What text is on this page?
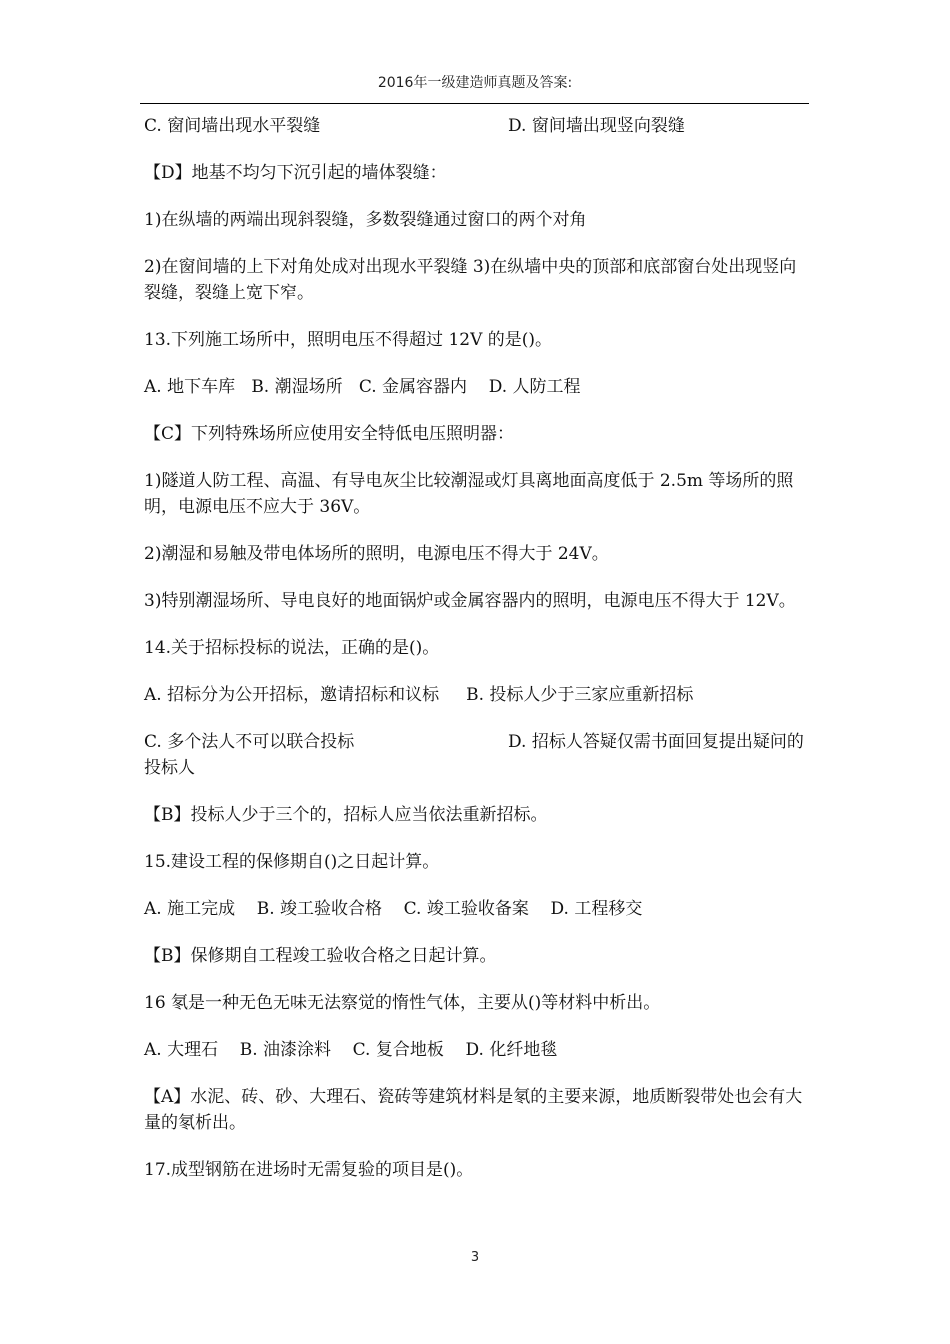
2016年一级建造师真题及答案:
C. 窗间墙出现水平裂缝	D. 窗间墙出现竖向裂缝

【D】地基不均匀下沉引起的墙体裂缝：

1)在纵墙的两端出现斜裂缝，多数裂缝通过窗口的两个对角

2)在窗间墙的上下对角处成对出现水平裂缝 3)在纵墙中央的顶部和底部窗台处出现竖向裂缝，裂缝上宽下窄。

13.下列施工场所中，照明电压不得超过 12V 的是()。

A. 地下车库 B. 潮湿场所 C. 金属容器内 D. 人防工程

【C】下列特殊场所应使用安全特低电压照明器：

1)隧道人防工程、高温、有导电灰尘比较潮湿或灯具离地面高度低于 2.5m 等场所的照明，电源电压不应大于 36V。

2)潮湿和易触及带电体场所的照明，电源电压不得大于 24V。

3)特别潮湿场所、导电良好的地面锅炉或金属容器内的照明，电源电压不得大于 12V。

14.关于招标投标的说法，正确的是()。

A. 招标分为公开招标，邀请招标和议标 B. 投标人少于三家应重新招标
C. 多个法人不可以联合投标	D. 招标人答疑仅需书面回复提出疑问的投标人

【B】投标人少于三个的，招标人应当依法重新招标。

15.建设工程的保修期自()之日起计算。

A. 施工完成 B. 竣工验收合格 C. 竣工验收备案 D. 工程移交

【B】保修期自工程竣工验收合格之日起计算。

16 氡是一种无色无味无法察觉的惰性气体，主要从()等材料中析出。

A. 大理石 B. 油漆涂料 C. 复合地板 D. 化纤地毯

【A】水泥、砖、砂、大理石、瓷砖等建筑材料是氡的主要来源，地质断裂带处也会有大量的氡析出。

17.成型钢筋在进场时无需复验的项目是()。

3
